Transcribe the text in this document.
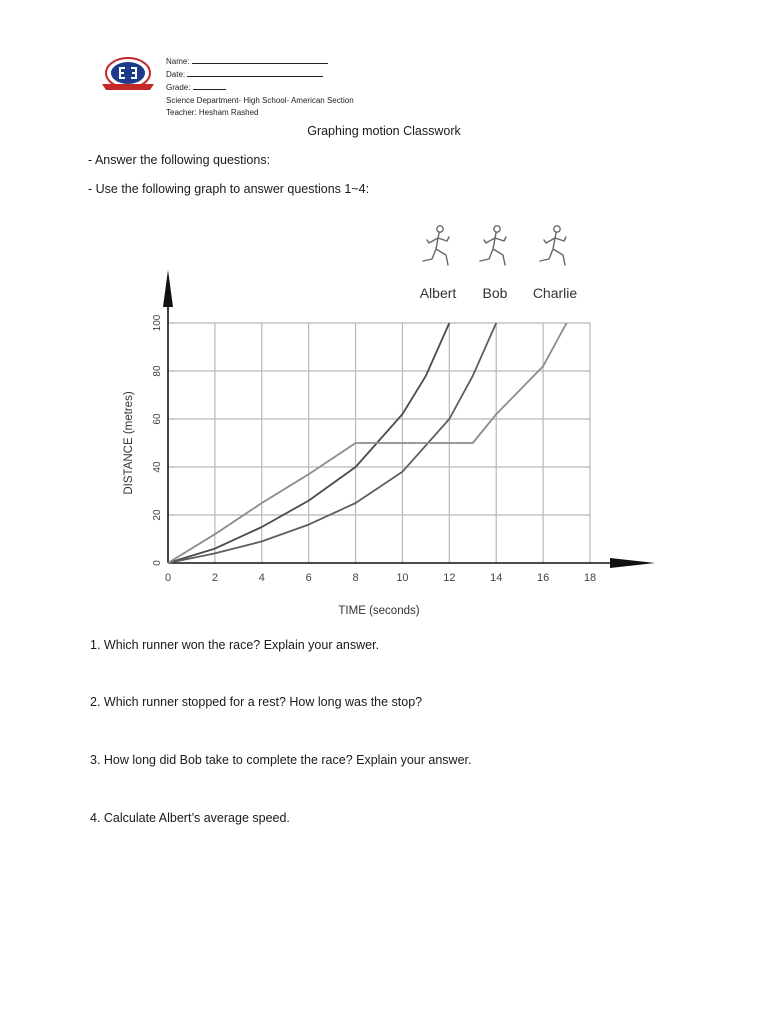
Name:
Date:
Grade:
Science Department- High School- American Section
Teacher: Hesham Rashed
Graphing motion Classwork
- Answer the following questions:
- Use the following graph to answer questions 1~4:
0	2	4	6	8	10	12	14	16	18
0
20
40
60
80
100
TIME (seconds)
DISTANCE (metres)
Albert Bob Charlie
1. Which runner won the race? Explain your answer.
2. Which runner stopped for a rest? How long was the stop?
3. How long did Bob take to complete the race? Explain your answer.
4. Calculate Albert’s average speed.
